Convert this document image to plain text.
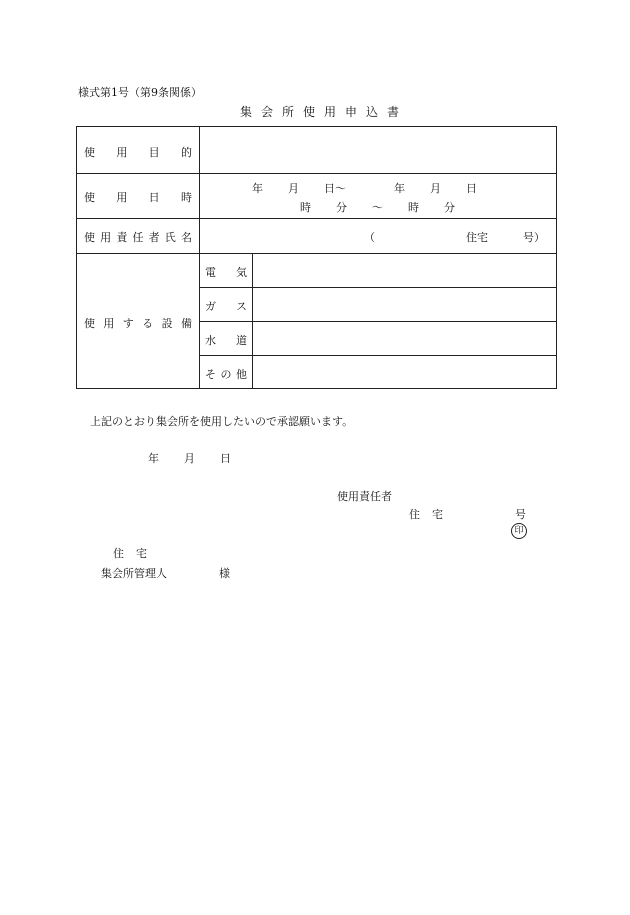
様式第1号（第9条関係）
集会所使用申込書
使 用 目 的
使 用 日 時
年 月 日〜	年 月 日
時 分 〜 時 分
使 用 責 任 者 氏 名	（	住宅	号）
使 用 す る 設 備
電 気
ガ ス
水 道
そ の 他
上記のとおり集会所を使用したいので承認願います。
年 月 日
使用責任者
住 宅	号
印
住 宅
集会所管理人	様
